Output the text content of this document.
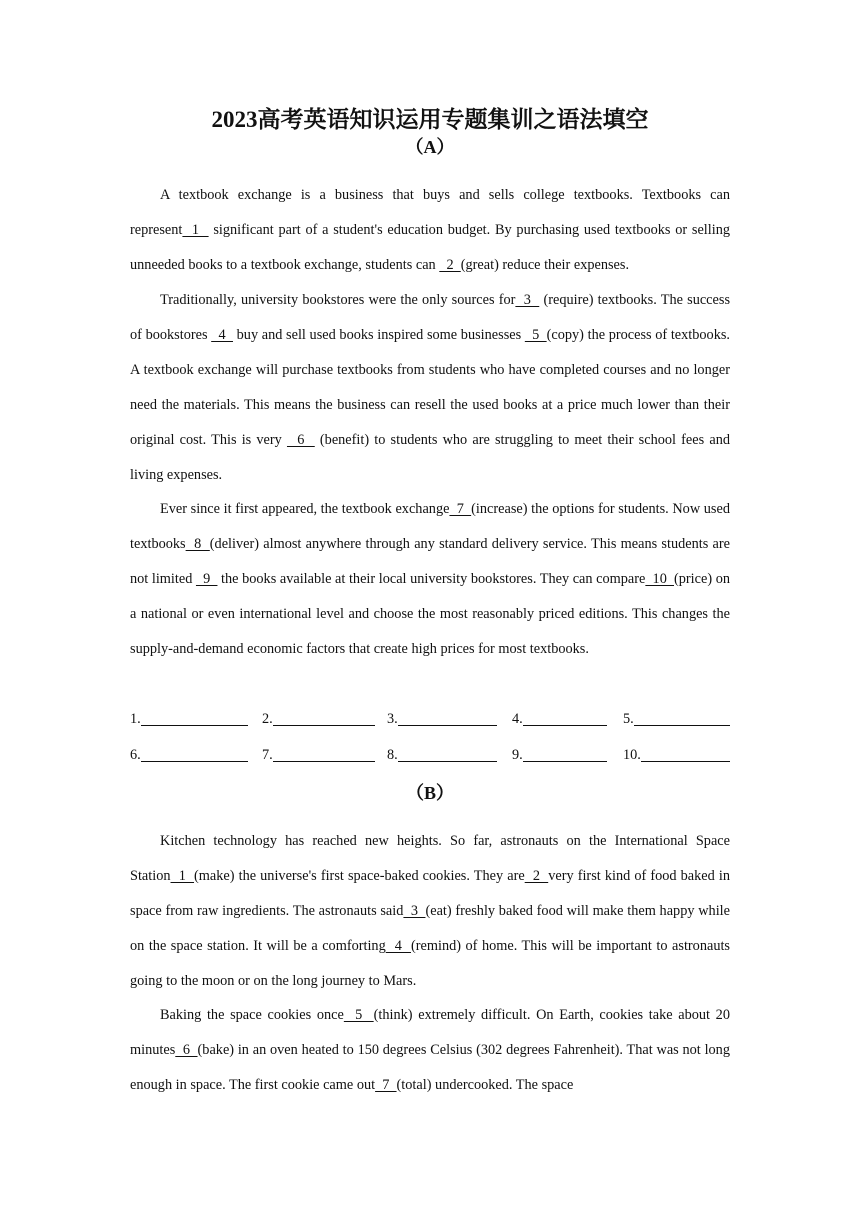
2023高考英语知识运用专题集训之语法填空
（A）

A textbook exchange is a business that buys and sells college textbooks. Textbooks can represent  1   significant part of a student's education budget. By purchasing used textbooks or selling unneeded books to a textbook exchange, students can   2  (great) reduce their expenses.

Traditionally, university bookstores were the only sources for  3   (require) textbooks. The success of bookstores   4   buy and sell used books inspired some businesses   5  (copy) the process of textbooks. A textbook exchange will purchase textbooks from students who have completed courses and no longer need the materials. This means the business can resell the used books at a price much lower than their original cost. This is very   6   (benefit) to students who are struggling to meet their school fees and living expenses.

Ever since it first appeared, the textbook exchange  7  (increase) the options for students. Now used textbooks  8  (deliver) almost anywhere through any standard delivery service. This means students are not limited   9   the books available at their local university bookstores. They can compare  10  (price) on a national or even international level and choose the most reasonably priced editions. This changes the supply-and-demand economic factors that create high prices for most textbooks.

1.	2.	3.	4.	5.
6.	7.	8.	9.	10.
（B）

Kitchen technology has reached new heights. So far, astronauts on the International Space Station  1  (make) the universe's first space-baked cookies. They are  2  very first kind of food baked in space from raw ingredients. The astronauts said  3  (eat) freshly baked food will make them happy while on the space station. It will be a comforting  4  (remind) of home. This will be important to astronauts going to the moon or on the long journey to Mars.

Baking the space cookies once  5  (think) extremely difficult. On Earth, cookies take about 20 minutes  6  (bake) in an oven heated to 150 degrees Celsius (302 degrees Fahrenheit). That was not long enough in space. The first cookie came out  7  (total) undercooked. The space
